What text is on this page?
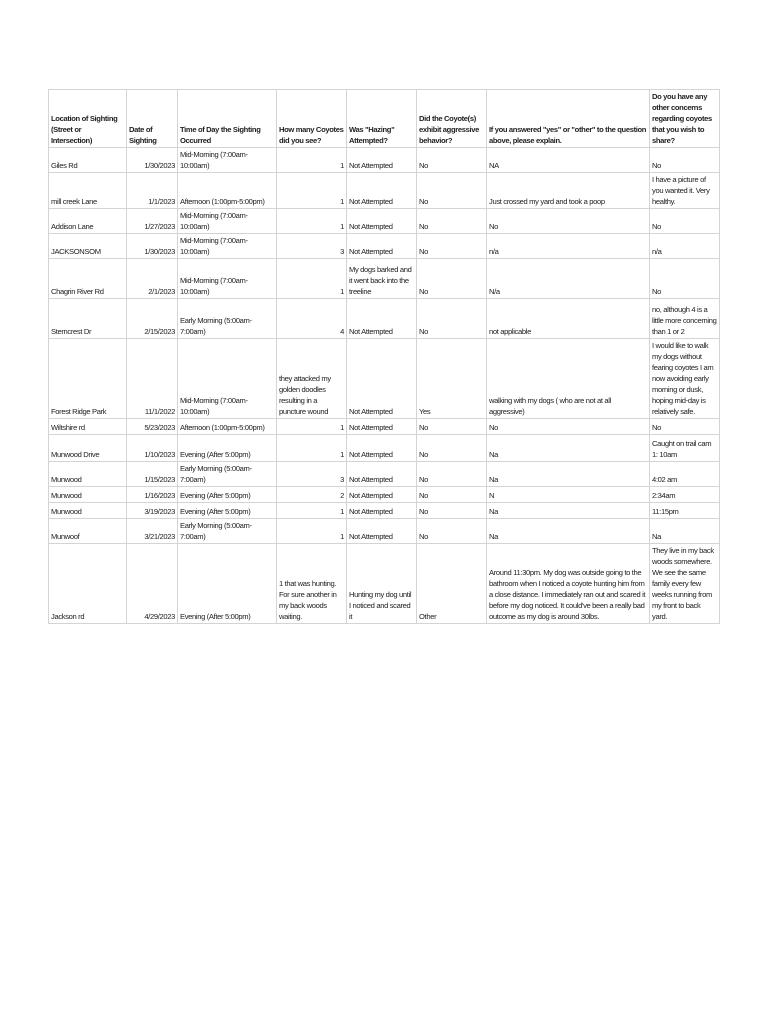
Location of Sighting (Street or Intersection)	Date of Sighting	Time of Day the Sighting Occurred	How many Coyotes did you see?	Was "Hazing" Attempted?	Did the Coyote(s) exhibit aggressive behavior?	If you answered "yes" or "other" to the question above, please explain.	Do you have any other concerns regarding coyotes that you wish to share?
Giles Rd	1/30/2023	Mid-Morning (7:00am-10:00am)	1	Not Attempted	No	NA	No
mill creek Lane	1/1/2023	Afternoon (1:00pm-5:00pm)	1	Not Attempted	No	Just crossed my yard and took a poop	I have a picture of you wanted it. Very healthy.
Addison Lane	1/27/2023	Mid-Morning (7:00am-10:00am)	1	Not Attempted	No	No	No
JACKSONSOM	1/30/2023	Mid-Morning (7:00am-10:00am)	3	Not Attempted	No	n/a	n/a
Chagrin River Rd	2/1/2023	Mid-Morning (7:00am-10:00am)	1	My dogs barked and it went back into the treeline	No	N/a	No
Sterncrest Dr	2/15/2023	Early Morning (5:00am-7:00am)	4	Not Attempted	No	not applicable	no, although 4 is a little more concerning than 1 or 2
Forest Ridge Park	11/1/2022	Mid-Morning (7:00am-10:00am)	they attacked my golden doodles resulting in a puncture wound	Not Attempted	Yes	walking with my dogs ( who are not at all aggressive)	I would like to walk my dogs without fearing coyotes I am now avoiding early morning or dusk, hoping mid-day is relatively safe.
Wiltshire rd	5/23/2023	Afternoon (1:00pm-5:00pm)	1	Not Attempted	No	No	No
Munwood Drive	1/10/2023	Evening (After 5:00pm)	1	Not Attempted	No	Na	Caught on trail cam 1: 10am
Munwood	1/15/2023	Early Morning (5:00am-7:00am)	3	Not Attempted	No	Na	4:02 am
Munwood	1/16/2023	Evening (After 5:00pm)	2	Not Attempted	No	N	2:34am
Munwood	3/19/2023	Evening (After 5:00pm)	1	Not Attempted	No	Na	11:15pm
Munwoof	3/21/2023	Early Morning (5:00am-7:00am)	1	Not Attempted	No	Na	Na
Jackson rd	4/29/2023	Evening (After 5:00pm)	1 that was hunting. For sure another in my back woods waiting.	Hunting my dog until I noticed and scared it	Other	Around 11:30pm. My dog was outside going to the bathroom when I noticed a coyote hunting him from a close distance. I immediately ran out and scared it before my dog noticed. It could've been a really bad outcome as my dog is around 30lbs.	They live in my back woods somewhere. We see the same family every few weeks running from my front to back yard.
